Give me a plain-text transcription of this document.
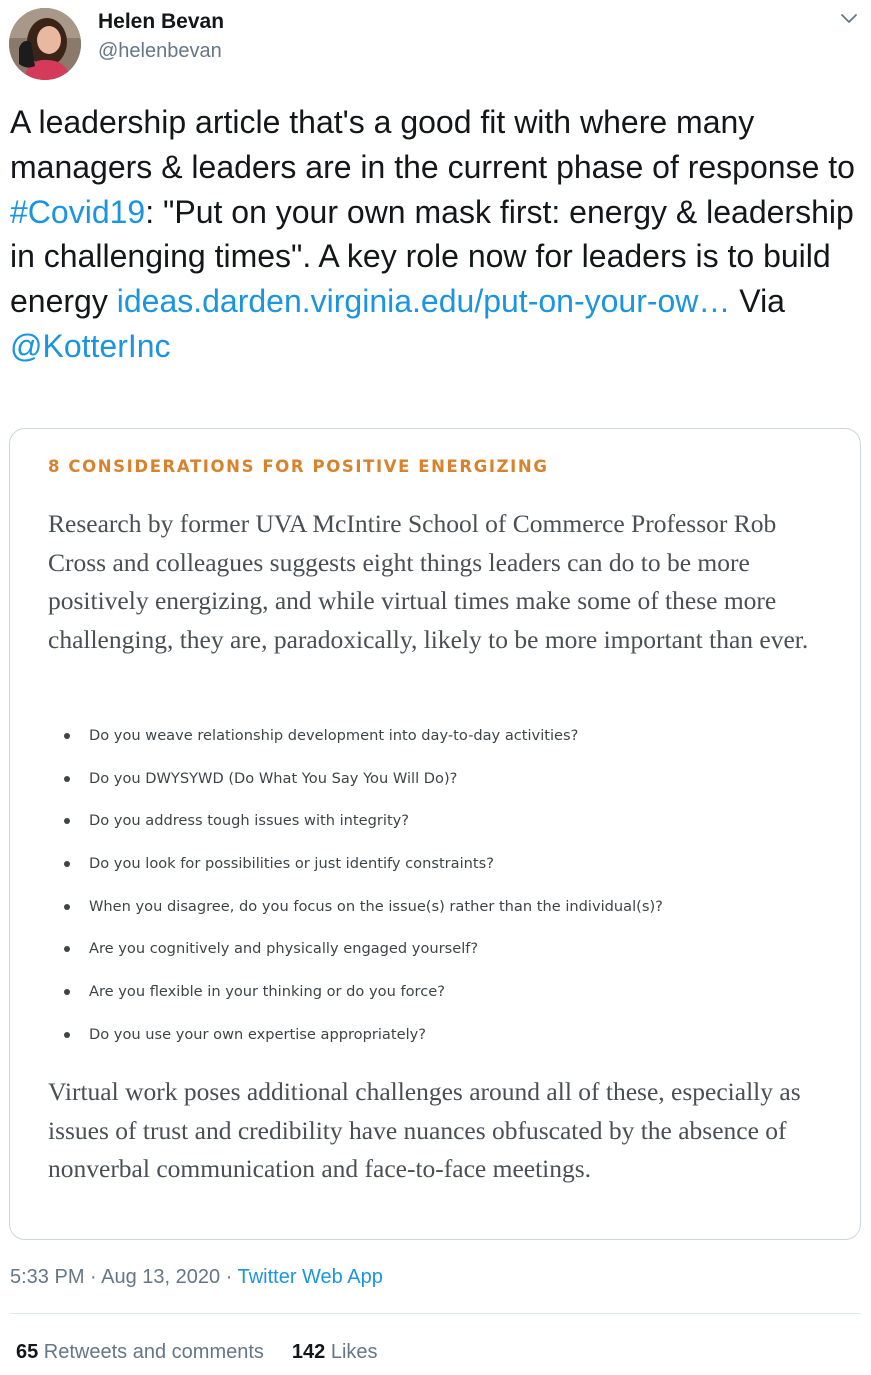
Helen Bevan
@helenbevan
A leadership article that's a good fit with where many managers & leaders are in the current phase of response to #Covid19: "Put on your own mask first: energy & leadership in challenging times". A key role now for leaders is to build energy ideas.darden.virginia.edu/put-on-your-ow… Via @KotterInc
8 CONSIDERATIONS FOR POSITIVE ENERGIZING
Research by former UVA McIntire School of Commerce Professor Rob Cross and colleagues suggests eight things leaders can do to be more positively energizing, and while virtual times make some of these more challenging, they are, paradoxically, likely to be more important than ever.
Do you weave relationship development into day-to-day activities?
Do you DWYSYWD (Do What You Say You Will Do)?
Do you address tough issues with integrity?
Do you look for possibilities or just identify constraints?
When you disagree, do you focus on the issue(s) rather than the individual(s)?
Are you cognitively and physically engaged yourself?
Are you flexible in your thinking or do you force?
Do you use your own expertise appropriately?
Virtual work poses additional challenges around all of these, especially as issues of trust and credibility have nuances obfuscated by the absence of nonverbal communication and face-to-face meetings.
5:33 PM · Aug 13, 2020 · Twitter Web App
65 Retweets and comments 142 Likes
